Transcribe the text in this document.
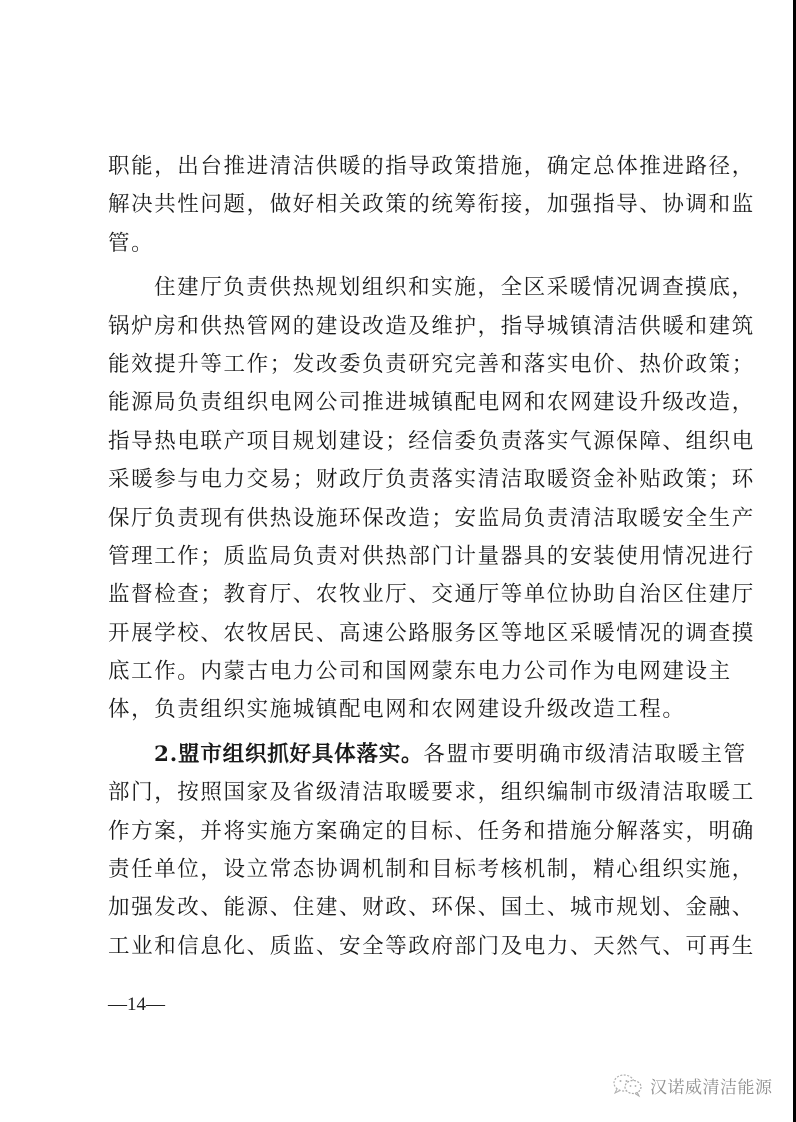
职能，出台推进清洁供暖的指导政策措施，确定总体推进路径，
解决共性问题，做好相关政策的统筹衔接，加强指导、协调和监
管。
住建厅负责供热规划组织和实施，全区采暖情况调查摸底，
锅炉房和供热管网的建设改造及维护，指导城镇清洁供暖和建筑
能效提升等工作；发改委负责研究完善和落实电价、热价政策；
能源局负责组织电网公司推进城镇配电网和农网建设升级改造，
指导热电联产项目规划建设；经信委负责落实气源保障、组织电
采暖参与电力交易；财政厅负责落实清洁取暖资金补贴政策；环
保厅负责现有供热设施环保改造；安监局负责清洁取暖安全生产
管理工作；质监局负责对供热部门计量器具的安装使用情况进行
监督检查；教育厅、农牧业厅、交通厅等单位协助自治区住建厅
开展学校、农牧居民、高速公路服务区等地区采暖情况的调查摸
底工作。内蒙古电力公司和国网蒙东电力公司作为电网建设主
体，负责组织实施城镇配电网和农网建设升级改造工程。
2.盟市组织抓好具体落实。各盟市要明确市级清洁取暖主管
部门，按照国家及省级清洁取暖要求，组织编制市级清洁取暖工
作方案，并将实施方案确定的目标、任务和措施分解落实，明确
责任单位，设立常态协调机制和目标考核机制，精心组织实施，
加强发改、能源、住建、财政、环保、国土、城市规划、金融、
工业和信息化、质监、安全等政府部门及电力、天然气、可再生
—14—
汉诺威清洁能源
